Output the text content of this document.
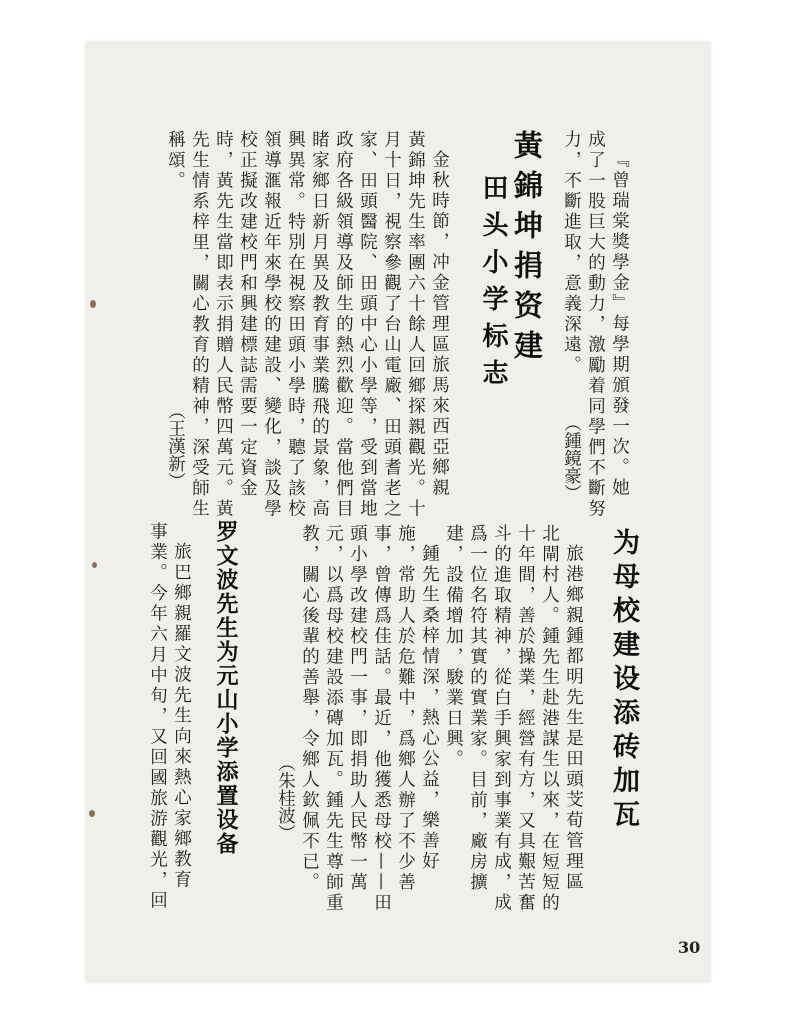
『曾瑞棠獎學金』每學期頒發一次。她
成了一股巨大的動力，激勵着同學們不斷努
力，不斷進取，意義深遠。
（鍾鏡豪）
黃錦坤捐资建
田头小学标志
金秋時節，冲金管理區旅馬來西亞鄉親
黃錦坤先生率團六十餘人回鄉探親觀光。十
月十日，視察參觀了台山電廠、田頭耆老之
家、田頭醫院、田頭中心小學等，受到當地
政府各級領導及師生的熱烈歡迎。當他們目
睹家鄉日新月異及教育事業騰飛的景象，高
興異常。特別在視察田頭小學時，聽了該校
領導滙報近年來學校的建設、變化，談及學
校正擬改建校門和興建標誌需要一定資金
時，黃先生當即表示捐贈人民幣四萬元。黃
先生情系梓里，關心教育的精神，深受師生
稱頌。
（王漢新）
为母校建设添砖加瓦
旅港鄉親鍾都明先生是田頭芠荀管理區
北閘村人。鍾先生赴港謀生以來，在短短的
十年間，善於操業，經營有方，又具艱苦奮
斗的進取精神，從白手興家到事業有成，成
爲一位名符其實的實業家。目前，廠房擴
建，設備增加，駿業日興。
鍾先生桑梓情深，熱心公益，樂善好
施，常助人於危難中，爲鄉人辦了不少善
事，曾傳爲佳話。最近，他獲悉母校——田
頭小學改建校門一事，即捐助人民幣一萬
元，以爲母校建設添磚加瓦。鍾先生尊師重
教，關心後輩的善舉，令鄉人欽佩不已。
（朱桂波）
罗文波先生为元山小学添置设备
旅巴鄉親羅文波先生向來熱心家鄉教育
事業。今年六月中旬，又回國旅游觀光，回
30
